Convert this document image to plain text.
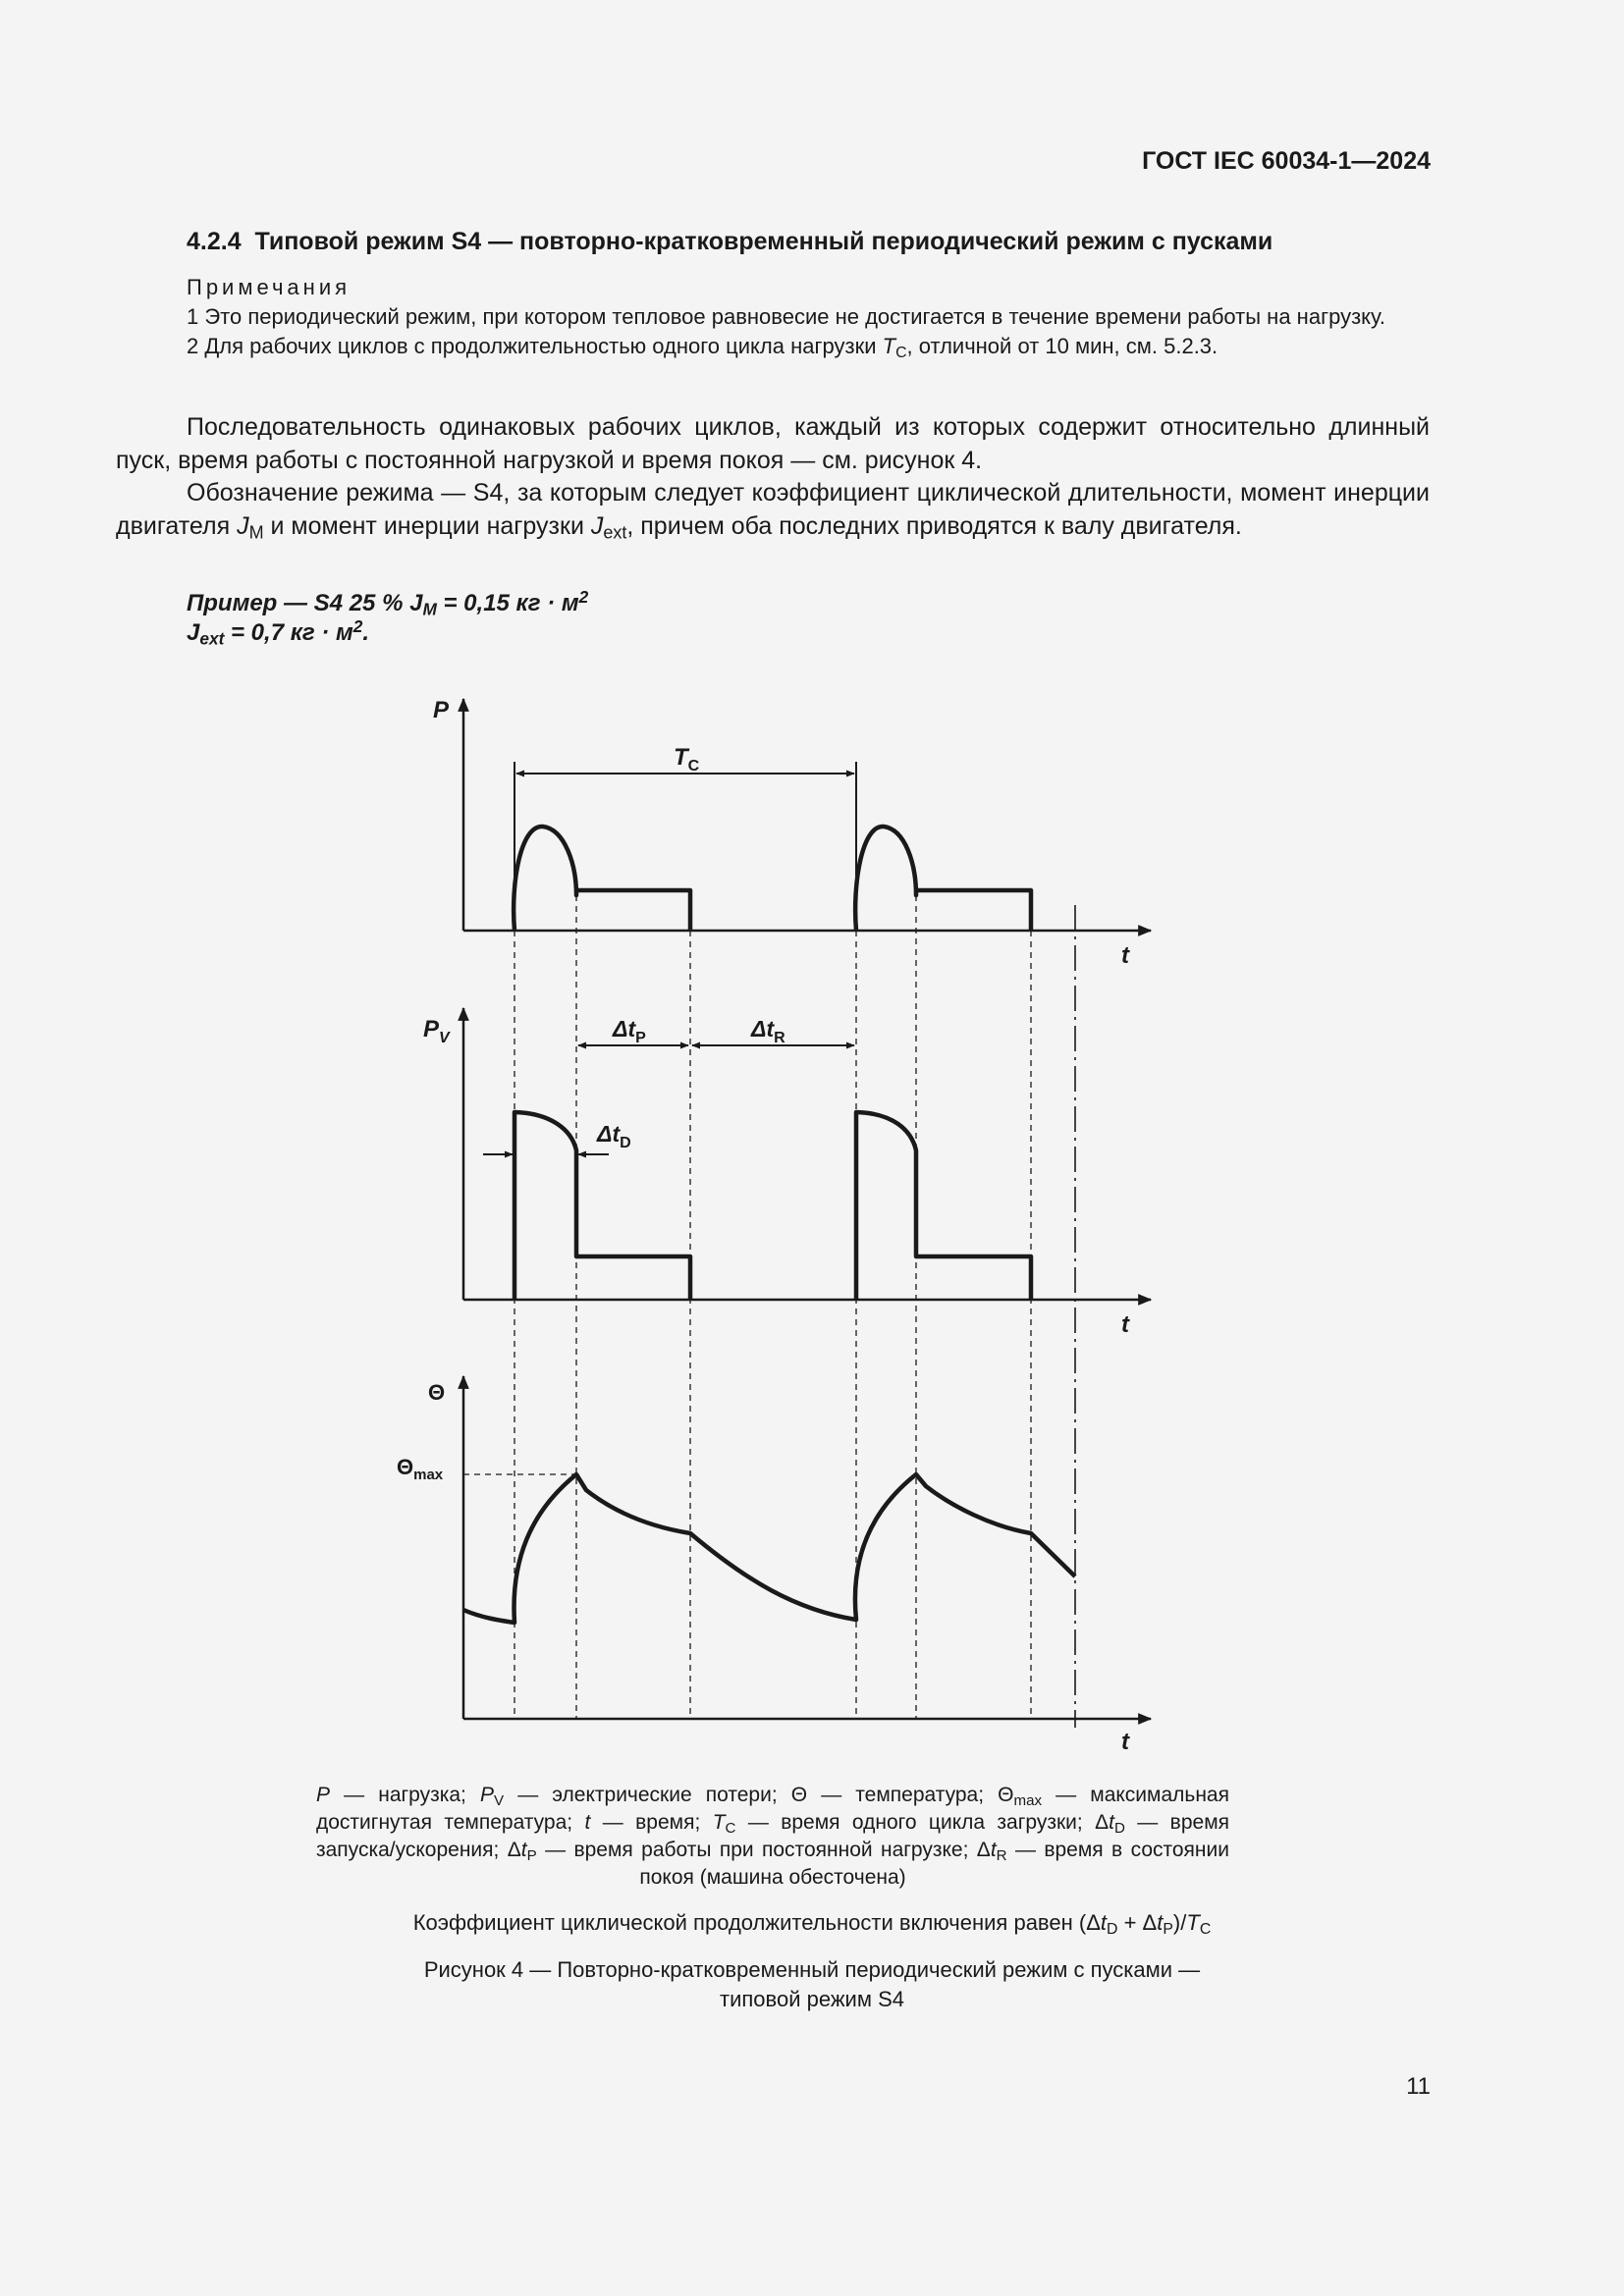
ГОСТ IEC 60034-1—2024
4.2.4 Типовой режим S4 — повторно-кратковременный периодический режим с пусками
Примечания
1 Это периодический режим, при котором тепловое равновесие не достигается в течение времени работы на нагрузку.
2 Для рабочих циклов с продолжительностью одного цикла нагрузки $T_C$, отличной от 10 мин, см. 5.2.3.
Последовательность одинаковых рабочих циклов, каждый из которых содержит относительно длинный пуск, время работы с постоянной нагрузкой и время покоя — см. рисунок 4.
Обозначение режима — S4, за которым следует коэффициент циклической длительности, момент инерции двигателя $J_M$ и момент инерции нагрузки $J_{ext}$, причем оба последних приводятся к валу двигателя.
Пример — S4 25 % $J_M = 0,15$ кг · $м^2$
$J_{ext} = 0,7$ кг · $м^2$.
P
t
t
t
$P_V$
$T_C$
$\Delta t_P$	$\Delta t_R$
$\Delta t_D$
Θ
$\Theta_{max}$
P — нагрузка; $P_V$ — электрические потери; Θ — температура; $\Theta_{max}$ — максимальная достигнутая температура; t — время; $T_C$ — время одного цикла загрузки; $\Delta t_D$ — время запуска/ускорения; $\Delta t_P$ — время работы при постоянной нагрузке; $\Delta t_R$ — время в состоянии покоя (машина обесточена)
Коэффициент циклической продолжительности включения равен $(\Delta t_D + \Delta t_P)/T_C$
Рисунок 4 — Повторно-кратковременный периодический режим с пусками —
типовой режим S4
11
